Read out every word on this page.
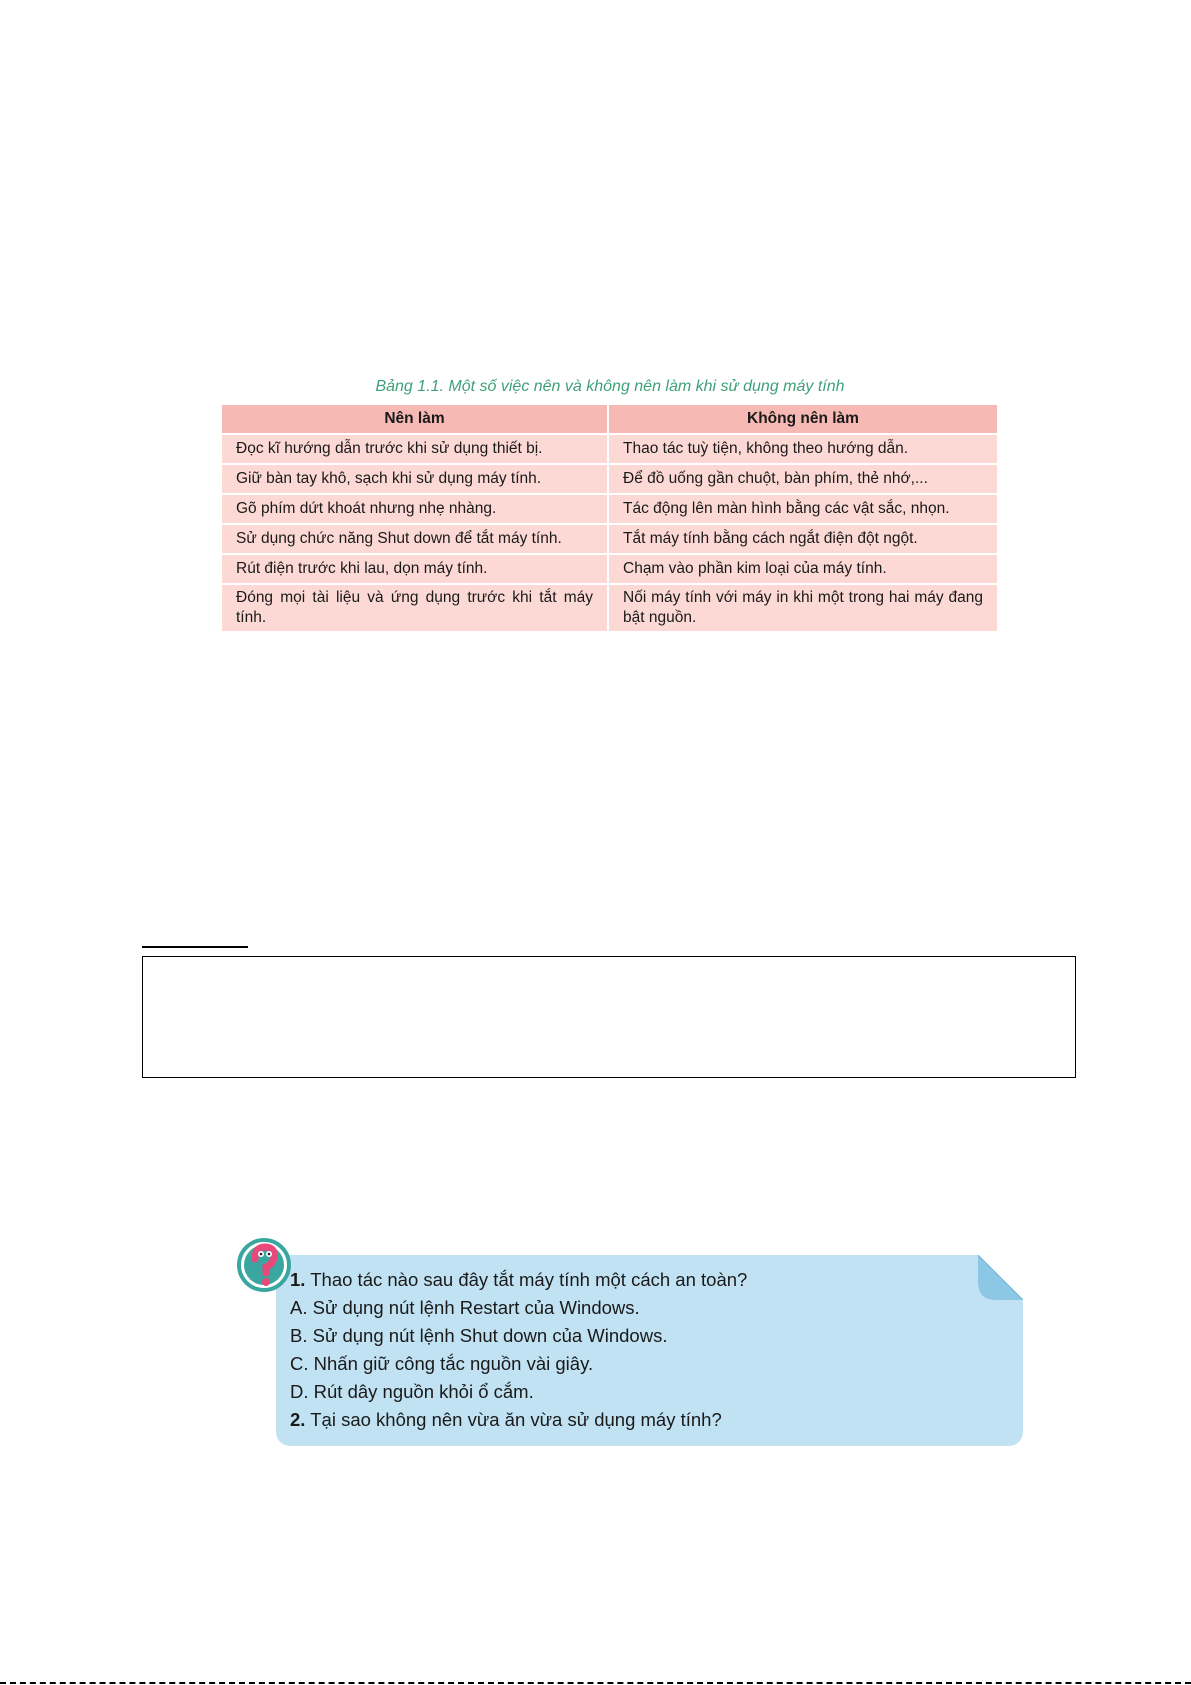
Bảng 1.1. Một số việc nên và không nên làm khi sử dụng máy tính
Nên làm	Không nên làm
Đọc kĩ hướng dẫn trước khi sử dụng thiết bị.	Thao tác tuỳ tiện, không theo hướng dẫn.
Giữ bàn tay khô, sạch khi sử dụng máy tính.	Để đồ uống gần chuột, bàn phím, thẻ nhớ,...
Gõ phím dứt khoát nhưng nhẹ nhàng.	Tác động lên màn hình bằng các vật sắc, nhọn.
Sử dụng chức năng Shut down để tắt máy tính.	Tắt máy tính bằng cách ngắt điện đột ngột.
Rút điện trước khi lau, dọn máy tính.	Chạm vào phần kim loại của máy tính.
Đóng mọi tài liệu và ứng dụng trước khi tắt máy tính.	Nối máy tính với máy in khi một trong hai máy đang bật nguồn.
1. Thao tác nào sau đây tắt máy tính một cách an toàn?
A. Sử dụng nút lệnh Restart của Windows.
B. Sử dụng nút lệnh Shut down của Windows.
C. Nhấn giữ công tắc nguồn vài giây.
D. Rút dây nguồn khỏi ổ cắm.
2. Tại sao không nên vừa ăn vừa sử dụng máy tính?
